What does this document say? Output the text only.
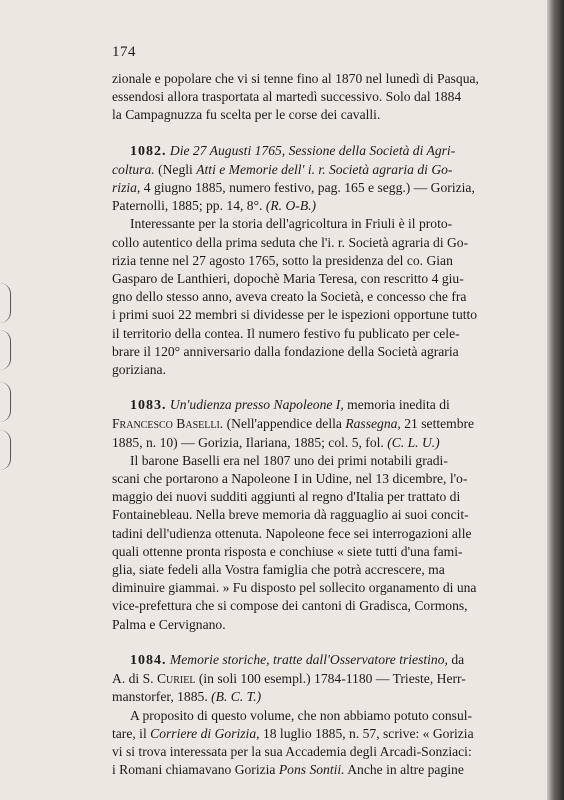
174
zionale e popolare che vi si tenne fino al 1870 nel lunedì di Pasqua,
essendosi allora trasportata al martedì successivo. Solo dal 1884
la Campagnuzza fu scelta per le corse dei cavalli.
1082. Die 27 Augusti 1765, Sessione della Società di Agri-
coltura. (Negli Atti e Memorie dell' i. r. Società agraria di Go-
rizia, 4 giugno 1885, numero festivo, pag. 165 e segg.) — Gorizia,
Paternolli, 1885; pp. 14, 8°. (R. O-B.)
Interessante per la storia dell'agricoltura in Friuli è il proto-
collo autentico della prima seduta che l'i. r. Società agraria di Go-
rizia tenne nel 27 agosto 1765, sotto la presidenza del co. Gian
Gasparo de Lanthieri, dopochè Maria Teresa, con rescritto 4 giu-
gno dello stesso anno, aveva creato la Società, e concesso che fra
i primi suoi 22 membri si dividesse per le ispezioni opportune tutto
il territorio della contea. Il numero festivo fu publicato per cele-
brare il 120° anniversario dalla fondazione della Società agraria
goriziana.
1083. Un'udienza presso Napoleone I, memoria inedita di
Francesco Baselli. (Nell'appendice della Rassegna, 21 settembre
1885, n. 10) — Gorizia, Ilariana, 1885; col. 5, fol. (C. L. U.)
Il barone Baselli era nel 1807 uno dei primi notabili gradi-
scani che portarono a Napoleone I in Udine, nel 13 dicembre, l'o-
maggio dei nuovi sudditi aggiunti al regno d'Italia per trattato di
Fontainebleau. Nella breve memoria dà ragguaglio ai suoi concit-
tadini dell'udienza ottenuta. Napoleone fece sei interrogazioni alle
quali ottenne pronta risposta e conchiuse « siete tutti d'una fami-
glia, siate fedeli alla Vostra famiglia che potrà accrescere, ma
diminuire giammai. » Fu disposto pel sollecito organamento di una
vice-prefettura che si compose dei cantoni di Gradisca, Cormons,
Palma e Cervignano.
1084. Memorie storiche, tratte dall'Osservatore triestino, da
A. di S. Curiel (in soli 100 esempl.) 1784-1180 — Trieste, Herr-
manstorfer, 1885. (B. C. T.)
A proposito di questo volume, che non abbiamo potuto consul-
tare, il Corriere di Gorizia, 18 luglio 1885, n. 57, scrive: « Gorizia
vi si trova interessata per la sua Accademia degli Arcadi-Sonziaci:
i Romani chiamavano Gorizia Pons Sontii. Anche in altre pagine
